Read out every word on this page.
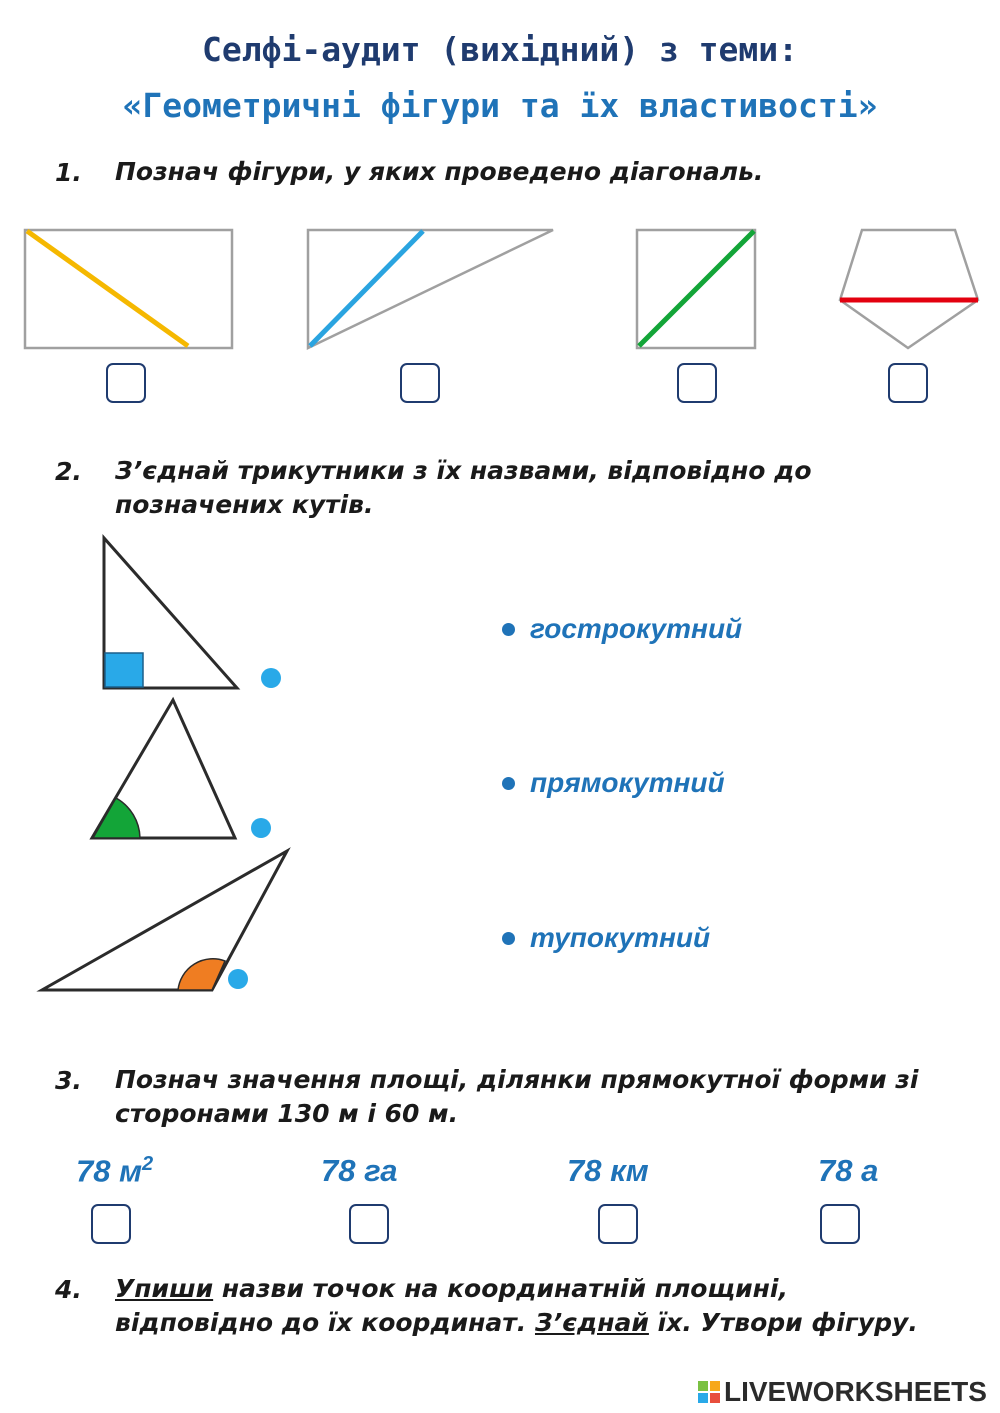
Селфі-аудит (вихідний) з теми:
«Геометричні фігури та їх властивості»
1. Познач фігури, у яких проведено діагональ.
2. З’єднай трикутники з їх назвами, відповідно до позначених кутів.
гострокутний
прямокутний
тупокутний
3. Познач значення площі, ділянки прямокутної форми зі сторонами 130 м і 60 м.
78 $м^2$	78 га	78 км	78 а
4. Упиши назви точок на координатній площині,
відповідно до їх координат. З’єднай їх. Утвори фігуру.
LIVEWORKSHEETS
